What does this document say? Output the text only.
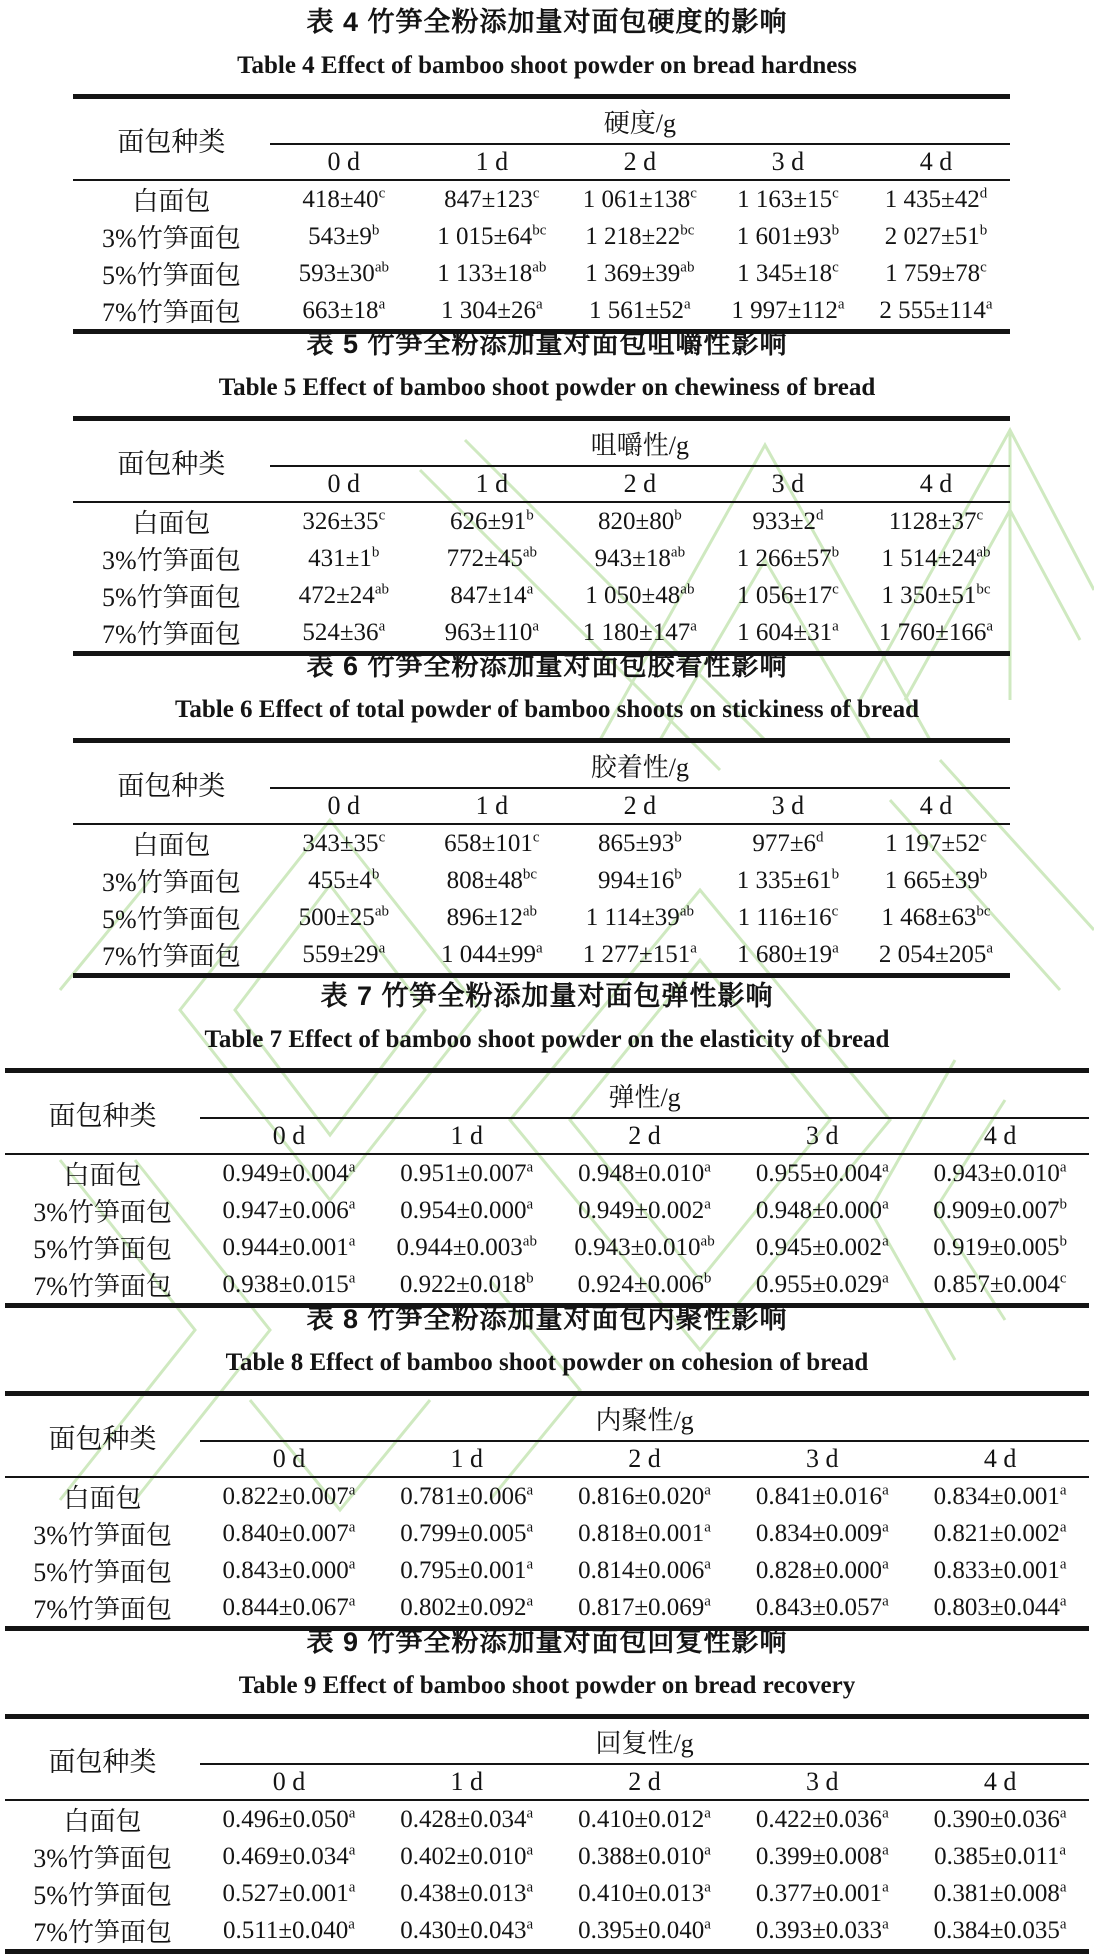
表 4 竹笋全粉添加量对面包硬度的影响
Table 4 Effect of bamboo shoot powder on bread hardness
面包种类	硬度/g				
	0 d	1 d	2 d	3 d	4 d
白面包	$418\pm 40^c$	$847\pm 123^c$	1 $061\pm 138^c$	1 $163\pm 15^c$	1 $435\pm 42^d$
3%竹笋面包	$543\pm 9^b$	1 $015\pm 64^{bc}$	1 $218\pm 22^{bc}$	1 $601\pm 93^b$	2 $027\pm 51^b$
5%竹笋面包	$593\pm 30^{ab}$	1 $133\pm 18^{ab}$	1 $369\pm 39^{ab}$	1 $345\pm 18^c$	1 $759\pm 78^c$
7%竹笋面包	$663\pm 18^a$	1 $304\pm 26^a$	1 $561\pm 52^a$	1 $997\pm 112^a$	2 $555\pm 114^a$
表 5 竹笋全粉添加量对面包咀嚼性影响
Table 5 Effect of bamboo shoot powder on chewiness of bread
面包种类	咀嚼性/g				
	0 d	1 d	2 d	3 d	4 d
白面包	$326\pm 35^c$	$626\pm 91^b$	$820\pm 80^b$	$933\pm 2^d$	$1128\pm 37^c$
3%竹笋面包	$431\pm 1^b$	$772\pm 45^{ab}$	$943\pm 18^{ab}$	1 $266\pm 57^b$	1 $514\pm 24^{ab}$
5%竹笋面包	$472\pm 24^{ab}$	$847\pm 14^a$	1 $050\pm 48^{ab}$	1 $056\pm 17^c$	1 $350\pm 51^{bc}$
7%竹笋面包	$524\pm 36^a$	$963\pm 110^a$	1 $180\pm 147^a$	1 $604\pm 31^a$	1 $760\pm 166^a$
表 6 竹笋全粉添加量对面包胶着性影响
Table 6 Effect of total powder of bamboo shoots on stickiness of bread
面包种类	胶着性/g				
	0 d	1 d	2 d	3 d	4 d
白面包	$343\pm 35^c$	$658\pm 101^c$	$865\pm 93^b$	$977\pm 6^d$	1 $197\pm 52^c$
3%竹笋面包	$455\pm 4^b$	$808\pm 48^{bc}$	$994\pm 16^b$	1 $335\pm 61^b$	1 $665\pm 39^b$
5%竹笋面包	$500\pm 25^{ab}$	$896\pm 12^{ab}$	1 $114\pm 39^{ab}$	1 $116\pm 16^c$	1 $468\pm 63^{bc}$
7%竹笋面包	$559\pm 29^a$	1 $044\pm 99^a$	1 $277\pm 151^a$	1 $680\pm 19^a$	2 $054\pm 205^a$
表 7 竹笋全粉添加量对面包弹性影响
Table 7 Effect of bamboo shoot powder on the elasticity of bread
面包种类	弹性/g				
	0 d	1 d	2 d	3 d	4 d
白面包	0.949±0.004$^a$	0.951±0.007$^a$	0.948±0.010$^a$	0.955±0.004$^a$	0.943±0.010$^a$
3%竹笋面包	0.947±0.006$^a$	0.954±0.000$^a$	0.949±0.002$^a$	0.948±0.000$^a$	0.909±0.007$^b$
5%竹笋面包	0.944±0.001$^a$	0.944±0.003$^{ab}$	0.943±0.010$^{ab}$	0.945±0.002$^a$	0.919±0.005$^b$
7%竹笋面包	0.938±0.015$^a$	0.922±0.018$^b$	0.924±0.006$^b$	0.955±0.029$^a$	0.857±0.004$^c$
表 8 竹笋全粉添加量对面包内聚性影响
Table 8 Effect of bamboo shoot powder on cohesion of bread
面包种类	内聚性/g				
	0 d	1 d	2 d	3 d	4 d
白面包	0.822±0.007$^a$	0.781±0.006$^a$	0.816±0.020$^a$	0.841±0.016$^a$	0.834±0.001$^a$
3%竹笋面包	0.840±0.007$^a$	0.799±0.005$^a$	0.818±0.001$^a$	0.834±0.009$^a$	0.821±0.002$^a$
5%竹笋面包	0.843±0.000$^a$	0.795±0.001$^a$	0.814±0.006$^a$	0.828±0.000$^a$	0.833±0.001$^a$
7%竹笋面包	0.844±0.067$^a$	0.802±0.092$^a$	0.817±0.069$^a$	0.843±0.057$^a$	0.803±0.044$^a$
表 9 竹笋全粉添加量对面包回复性影响
Table 9 Effect of bamboo shoot powder on bread recovery
面包种类	回复性/g				
	0 d	1 d	2 d	3 d	4 d
白面包	0.496±0.050$^a$	0.428±0.034$^a$	0.410±0.012$^a$	0.422±0.036$^a$	0.390±0.036$^a$
3%竹笋面包	0.469±0.034$^a$	0.402±0.010$^a$	0.388±0.010$^a$	0.399±0.008$^a$	0.385±0.011$^a$
5%竹笋面包	0.527±0.001$^a$	0.438±0.013$^a$	0.410±0.013$^a$	0.377±0.001$^a$	0.381±0.008$^a$
7%竹笋面包	0.511±0.040$^a$	0.430±0.043$^a$	0.395±0.040$^a$	0.393±0.033$^a$	0.384±0.035$^a$
